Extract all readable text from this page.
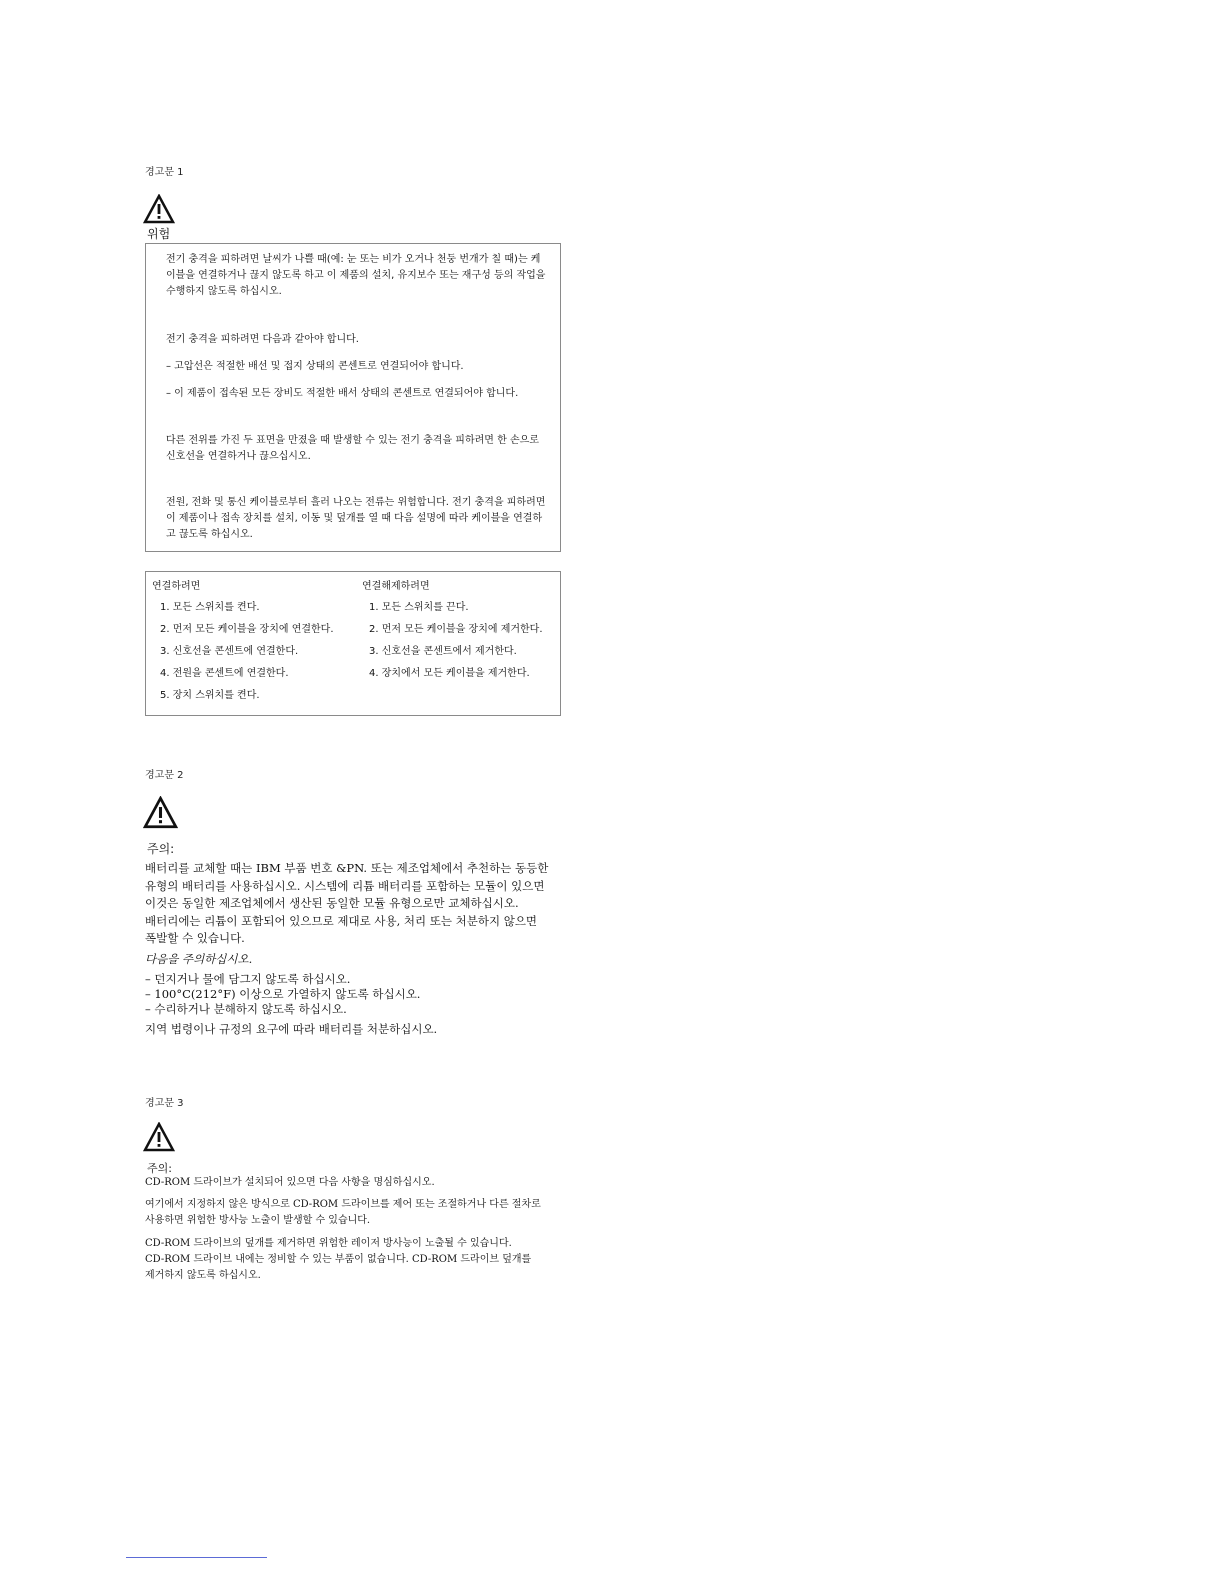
경고문 1
위험
전기 충격을 피하려면 날씨가 나쁠 때(예: 눈 또는 비가 오거나 천둥 번개가 칠 때)는 케이블을 연결하거나 끊지 않도록 하고 이 제품의 설치, 유지보수 또는 재구성 등의 작업을 수행하지 않도록 하십시오.
전기 충격을 피하려면 다음과 같아야 합니다.
– 고압선은 적절한 배선 및 접지 상태의 콘센트로 연결되어야 합니다.
– 이 제품이 접속된 모든 장비도 적절한 배서 상태의 콘센트로 연결되어야 합니다.
다른 전위를 가진 두 표면을 만졌을 때 발생할 수 있는 전기 충격을 피하려면 한 손으로 신호선을 연결하거나 끊으십시오.
전원, 전화 및 통신 케이블로부터 흘러 나오는 전류는 위험합니다. 전기 충격을 피하려면 이 제품이나 접속 장치를 설치, 이동 및 덮개를 열 때 다음 설명에 따라 케이블을 연결하고 끊도록 하십시오.
연결하려면	연결해제하려면
1. 모든 스위치를 켠다.
2. 먼저 모든 케이블을 장치에 연결한다.
3. 신호선을 콘센트에 연결한다.
4. 전원을 콘센트에 연결한다.
5. 장치 스위치를 켠다.
1. 모든 스위치를 끈다.
2. 먼저 모든 케이블을 장치에 제거한다.
3. 신호선을 콘센트에서 제거한다.
4. 장치에서 모든 케이블을 제거한다.
경고문 2
주의:
배터리를 교체할 때는 IBM 부품 번호 &PN. 또는 제조업체에서 추천하는 동등한
유형의 배터리를 사용하십시오. 시스템에 리튬 배터리를 포함하는 모듈이 있으면
이것은 동일한 제조업체에서 생산된 동일한 모듈 유형으로만 교체하십시오.
배터리에는 리튬이 포함되어 있으므로 제대로 사용, 처리 또는 처분하지 않으면
폭발할 수 있습니다.
다음을 주의하십시오.
– 던지거나 물에 담그지 않도록 하십시오.
– 100°C(212°F) 이상으로 가열하지 않도록 하십시오.
– 수리하거나 분해하지 않도록 하십시오.
지역 법령이나 규정의 요구에 따라 배터리를 처분하십시오.
경고문 3
주의:
CD-ROM 드라이브가 설치되어 있으면 다음 사항을 명심하십시오.
여기에서 지정하지 않은 방식으로 CD-ROM 드라이브를 제어 또는 조절하거나 다른 절차로
사용하면 위험한 방사능 노출이 발생할 수 있습니다.
CD-ROM 드라이브의 덮개를 제거하면 위험한 레이저 방사능이 노출될 수 있습니다.
CD-ROM 드라이브 내에는 정비할 수 있는 부품이 없습니다. CD-ROM 드라이브 덮개를
제거하지 않도록 하십시오.
